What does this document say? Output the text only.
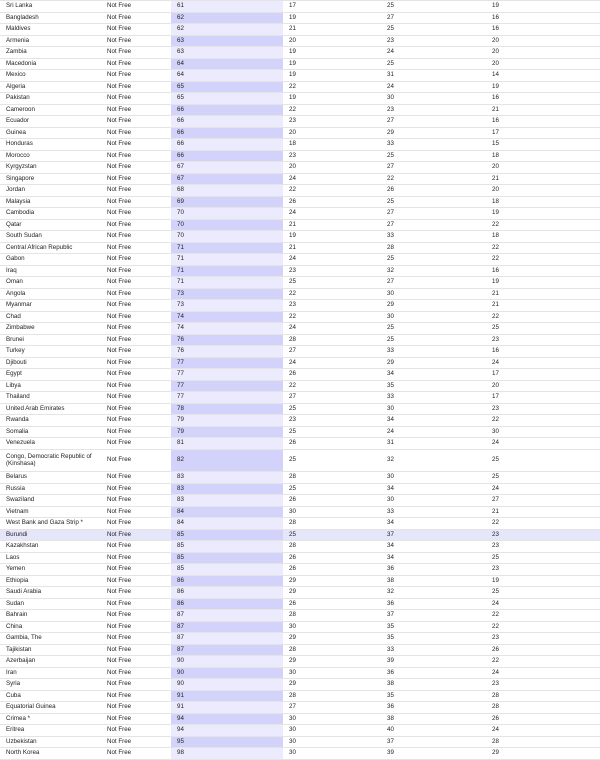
Sri Lanka	Not Free	61	17	25	19
Bangladesh	Not Free	62	19	27	16
Maldives	Not Free	62	21	25	16
Armenia	Not Free	63	20	23	20
Zambia	Not Free	63	19	24	20
Macedonia	Not Free	64	19	25	20
Mexico	Not Free	64	19	31	14
Algeria	Not Free	65	22	24	19
Pakistan	Not Free	65	19	30	16
Cameroon	Not Free	66	22	23	21
Ecuador	Not Free	66	23	27	16
Guinea	Not Free	66	20	29	17
Honduras	Not Free	66	18	33	15
Morocco	Not Free	66	23	25	18
Kyrgyzstan	Not Free	67	20	27	20
Singapore	Not Free	67	24	22	21
Jordan	Not Free	68	22	26	20
Malaysia	Not Free	69	26	25	18
Cambodia	Not Free	70	24	27	19
Qatar	Not Free	70	21	27	22
South Sudan	Not Free	70	19	33	18
Central African Republic	Not Free	71	21	28	22
Gabon	Not Free	71	24	25	22
Iraq	Not Free	71	23	32	16
Oman	Not Free	71	25	27	19
Angola	Not Free	73	22	30	21
Myanmar	Not Free	73	23	29	21
Chad	Not Free	74	22	30	22
Zimbabwe	Not Free	74	24	25	25
Brunei	Not Free	76	28	25	23
Turkey	Not Free	76	27	33	16
Djibouti	Not Free	77	24	29	24
Egypt	Not Free	77	26	34	17
Libya	Not Free	77	22	35	20
Thailand	Not Free	77	27	33	17
United Arab Emirates	Not Free	78	25	30	23
Rwanda	Not Free	79	23	34	22
Somalia	Not Free	79	25	24	30
Venezuela	Not Free	81	26	31	24
Congo, Democratic Republic of (Kinshasa)	Not Free	82	25	32	25
Belarus	Not Free	83	28	30	25
Russia	Not Free	83	25	34	24
Swaziland	Not Free	83	26	30	27
Vietnam	Not Free	84	30	33	21
West Bank and Gaza Strip *	Not Free	84	28	34	22
Burundi	Not Free	85	25	37	23
Kazakhstan	Not Free	85	28	34	23
Laos	Not Free	85	26	34	25
Yemen	Not Free	85	26	36	23
Ethiopia	Not Free	86	29	38	19
Saudi Arabia	Not Free	86	29	32	25
Sudan	Not Free	86	26	36	24
Bahrain	Not Free	87	28	37	22
China	Not Free	87	30	35	22
Gambia, The	Not Free	87	29	35	23
Tajikistan	Not Free	87	28	33	26
Azerbaijan	Not Free	90	29	39	22
Iran	Not Free	90	30	36	24
Syria	Not Free	90	29	38	23
Cuba	Not Free	91	28	35	28
Equatorial Guinea	Not Free	91	27	36	28
Crimea *	Not Free	94	30	38	26
Eritrea	Not Free	94	30	40	24
Uzbekistan	Not Free	95	30	37	28
North Korea	Not Free	98	30	39	29
